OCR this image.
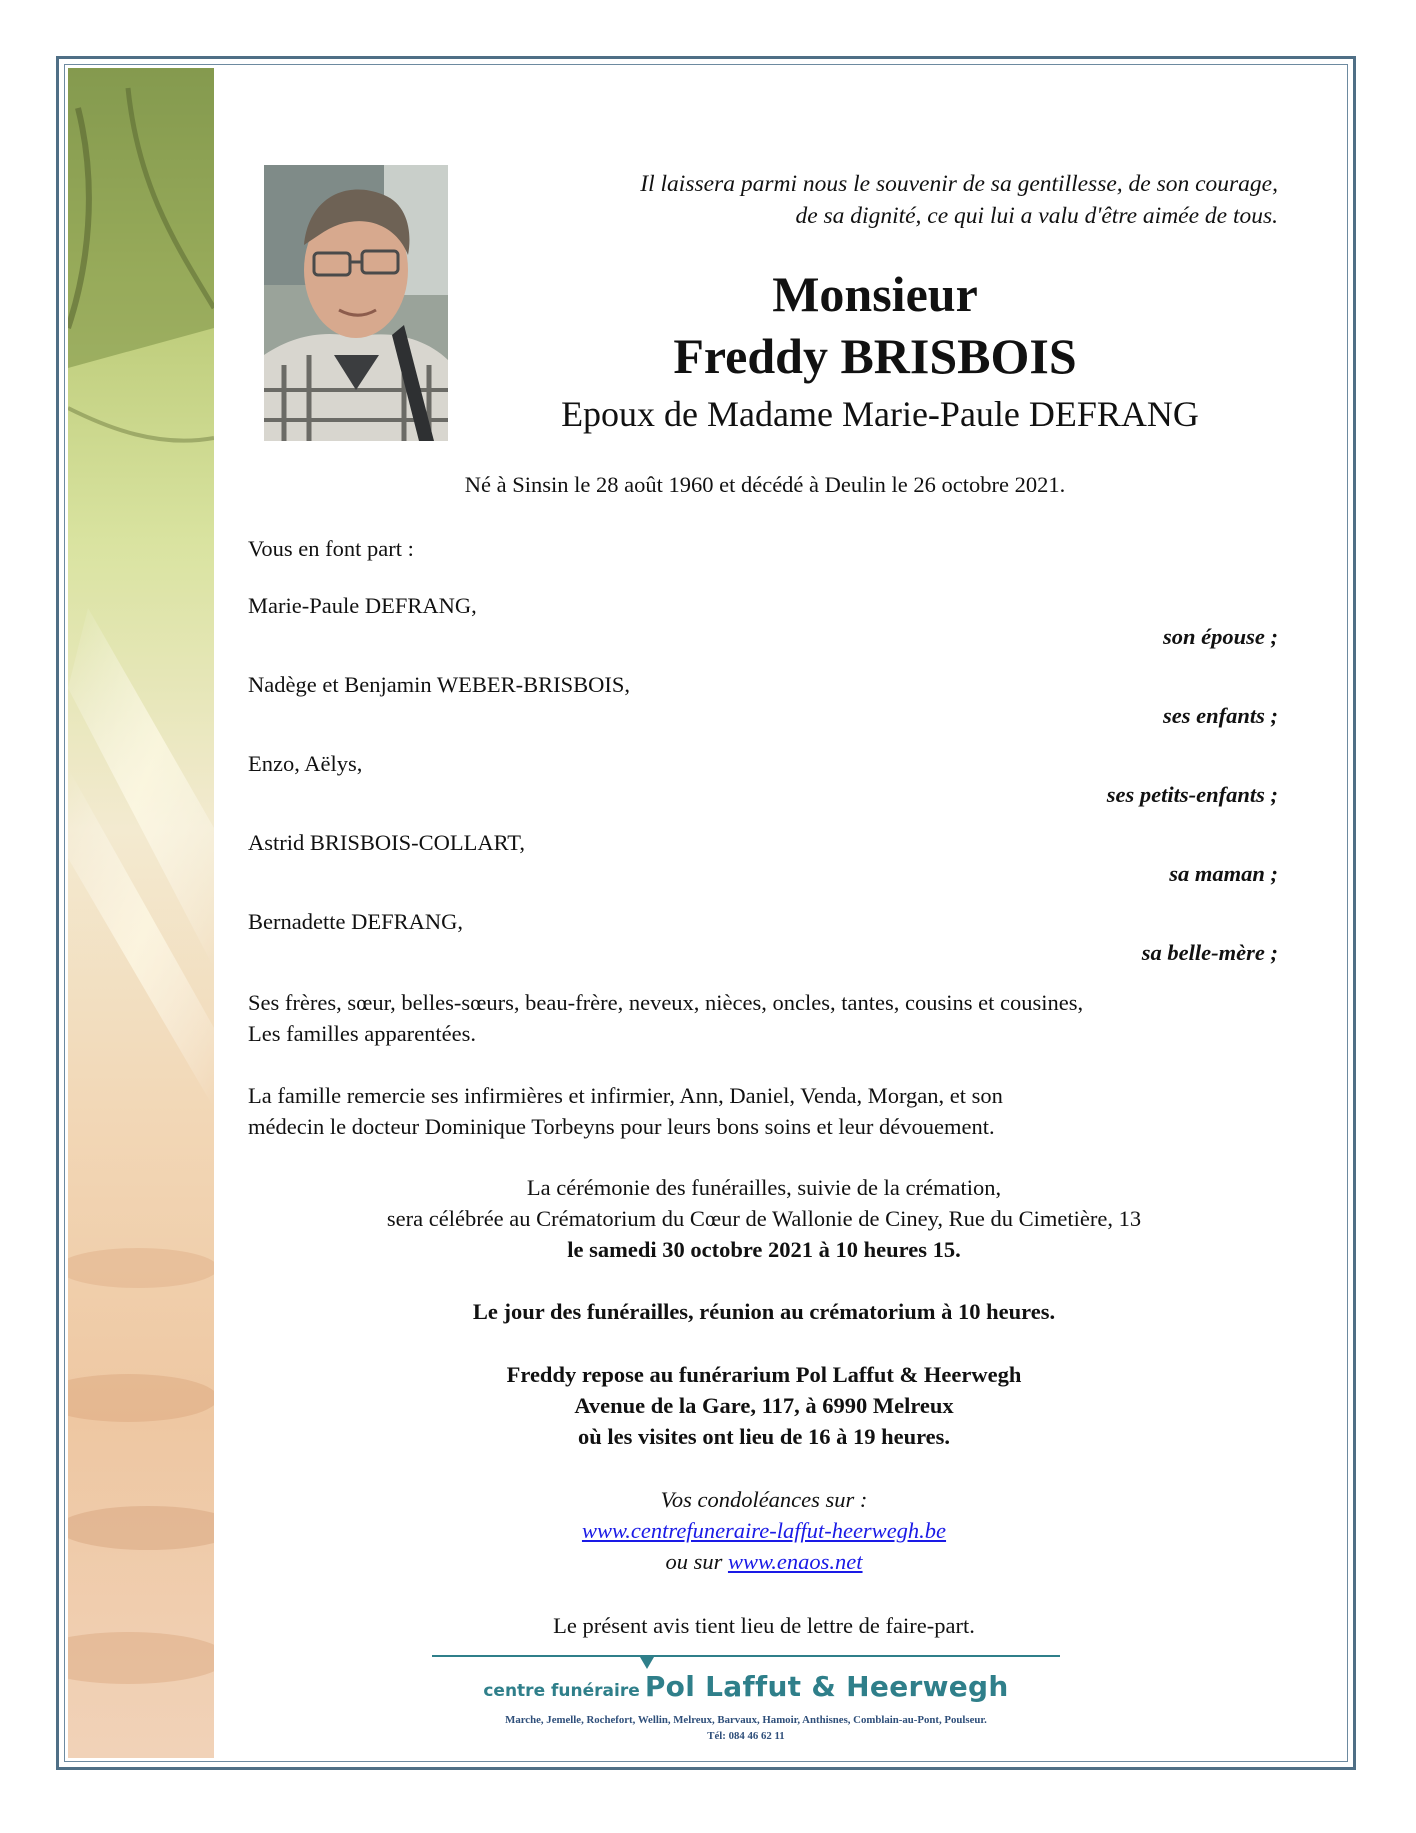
Il laissera parmi nous le souvenir de sa gentillesse, de son courage,
de sa dignité, ce qui lui a valu d'être aimée de tous.
Monsieur
Freddy BRISBOIS
Epoux de Madame Marie-Paule DEFRANG
Né à Sinsin le 28 août 1960 et décédé à Deulin le 26 octobre 2021.
Vous en font part :
Marie-Paule DEFRANG,
son épouse ;
Nadège et Benjamin WEBER-BRISBOIS,
ses enfants ;
Enzo, Aëlys,
ses petits-enfants ;
Astrid BRISBOIS-COLLART,
sa maman ;
Bernadette DEFRANG,
sa belle-mère ;
Ses frères, sœur, belles-sœurs, beau-frère, neveux, nièces, oncles, tantes, cousins et cousines,
Les familles apparentées.
La famille remercie ses infirmières et infirmier, Ann, Daniel, Venda, Morgan, et son
médecin le docteur Dominique Torbeyns pour leurs bons soins et leur dévouement.
La cérémonie des funérailles, suivie de la crémation,
sera célébrée au Crématorium du Cœur de Wallonie de Ciney, Rue du Cimetière, 13
le samedi 30 octobre 2021 à 10 heures 15.
Le jour des funérailles, réunion au crématorium à 10 heures.
Freddy repose au funérarium Pol Laffut & Heerwegh
Avenue de la Gare, 117, à 6990 Melreux
où les visites ont lieu de 16 à 19 heures.
Vos condoléances sur :
www.centrefuneraire-laffut-heerwegh.be
ou sur www.enaos.net
Le présent avis tient lieu de lettre de faire-part.
centre funéraire Pol Laffut & Heerwegh
Marche, Jemelle, Rochefort, Wellin, Melreux, Barvaux, Hamoir, Anthisnes, Comblain-au-Pont, Poulseur.
Tél: 084 46 62 11
